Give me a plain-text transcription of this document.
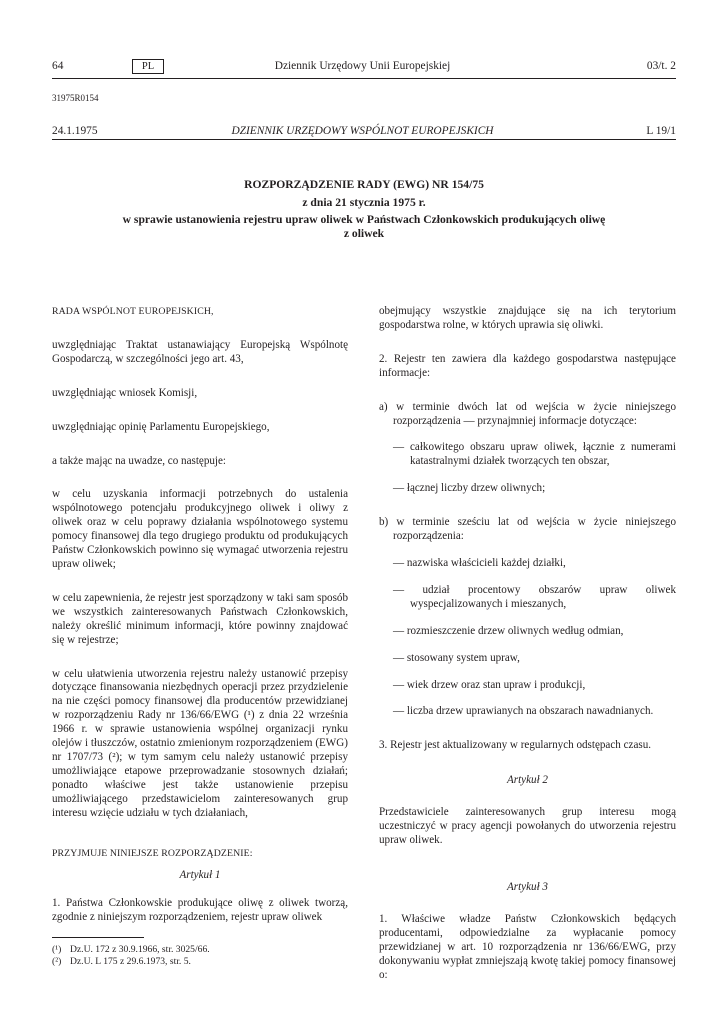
64	PL	Dziennik Urzędowy Unii Europejskiej	03/t. 2
31975R0154
24.1.1975	DZIENNIK URZĘDOWY WSPÓLNOT EUROPEJSKICH	L 19/1
ROZPORZĄDZENIE RADY (EWG) NR 154/75
z dnia 21 stycznia 1975 r.
w sprawie ustanowienia rejestru upraw oliwek w Państwach Członkowskich produkujących oliwę
z oliwek

RADA WSPÓLNOT EUROPEJSKICH,

uwzględniając Traktat ustanawiający Europejską Wspólnotę Gospodarczą, w szczególności jego art. 43,

uwzględniając wniosek Komisji,

uwzględniając opinię Parlamentu Europejskiego,

a także mając na uwadze, co następuje:

w celu uzyskania informacji potrzebnych do ustalenia wspólnotowego potencjału produkcyjnego oliwek i oliwy z oliwek oraz w celu poprawy działania wspólnotowego systemu pomocy finansowej dla tego drugiego produktu od produkujących Państw Członkowskich powinno się wymagać utworzenia rejestru upraw oliwek;

w celu zapewnienia, że rejestr jest sporządzony w taki sam sposób we wszystkich zainteresowanych Państwach Członkowskich, należy określić minimum informacji, które powinny znajdować się w rejestrze;

w celu ułatwienia utworzenia rejestru należy ustanowić przepisy dotyczące finansowania niezbędnych operacji przez przydzielenie na nie części pomocy finansowej dla producentów przewidzianej w rozporządzeniu Rady nr 136/66/EWG (¹) z dnia 22 września 1966 r. w sprawie ustanowienia wspólnej organizacji rynku olejów i tłuszczów, ostatnio zmienionym rozporządzeniem (EWG) nr 1707/73 (²); w tym samym celu należy ustanowić przepisy umożliwiające etapowe przeprowadzanie stosownych działań; ponadto właściwe jest także ustanowienie przepisu umożliwiającego przedstawicielom zainteresowanych grup interesu wzięcie udziału w tych działaniach,

PRZYJMUJE NINIEJSZE ROZPORZĄDZENIE:

Artykuł 1
1. Państwa Członkowskie produkujące oliwę z oliwek tworzą, zgodnie z niniejszym rozporządzeniem, rejestr upraw oliwek
(¹) Dz.U. 172 z 30.9.1966, str. 3025/66.
(²) Dz.U. L 175 z 29.6.1973, str. 5.

obejmujący wszystkie znajdujące się na ich terytorium gospodarstwa rolne, w których uprawia się oliwki.

2. Rejestr ten zawiera dla każdego gospodarstwa następujące informacje:

a) w terminie dwóch lat od wejścia w życie niniejszego rozporządzenia — przynajmniej informacje dotyczące:

— całkowitego obszaru upraw oliwek, łącznie z numerami katastralnymi działek tworzących ten obszar,

— łącznej liczby drzew oliwnych;

b) w terminie sześciu lat od wejścia w życie niniejszego rozporządzenia:

— nazwiska właścicieli każdej działki,

— udział procentowy obszarów upraw oliwek wyspecjalizowanych i mieszanych,

— rozmieszczenie drzew oliwnych według odmian,

— stosowany system upraw,

— wiek drzew oraz stan upraw i produkcji,

— liczba drzew uprawianych na obszarach nawadnianych.

3. Rejestr jest aktualizowany w regularnych odstępach czasu.

Artykuł 2
Przedstawiciele zainteresowanych grup interesu mogą uczestniczyć w pracy agencji powołanych do utworzenia rejestru upraw oliwek.
Artykuł 3
1. Właściwe władze Państw Członkowskich będących producentami, odpowiedzialne za wypłacanie pomocy przewidzianej w art. 10 rozporządzenia nr 136/66/EWG, przy dokonywaniu wypłat zmniejszają kwotę takiej pomocy finansowej o:
